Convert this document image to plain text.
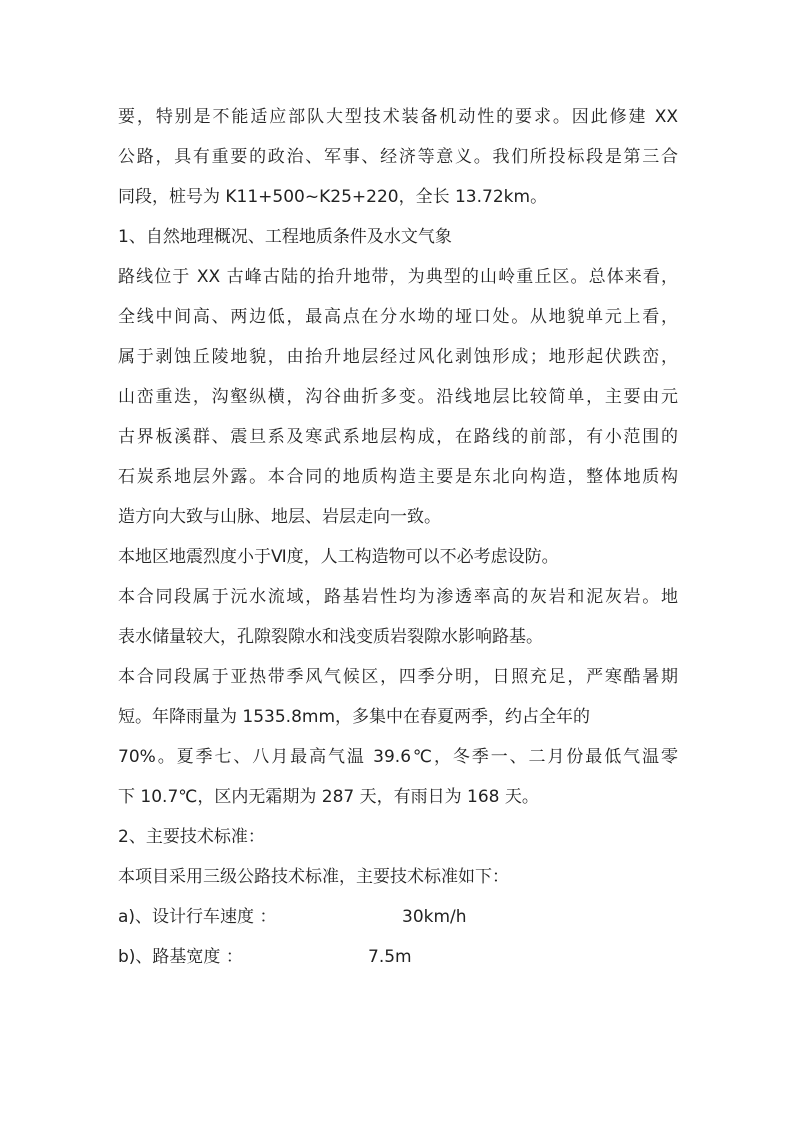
要，特别是不能适应部队大型技术装备机动性的要求。因此修建 XX
公路，具有重要的政治、军事、经济等意义。我们所投标段是第三合
同段，桩号为 K11+500~K25+220，全长 13.72km。
1、自然地理概况、工程地质条件及水文气象
路线位于 XX 古峰古陆的抬升地带，为典型的山岭重丘区。总体来看，
全线中间高、两边低，最高点在分水坳的垭口处。从地貌单元上看，
属于剥蚀丘陵地貌，由抬升地层经过风化剥蚀形成；地形起伏跌峦，
山峦重迭，沟壑纵横，沟谷曲折多变。沿线地层比较简单，主要由元
古界板溪群、震旦系及寒武系地层构成，在路线的前部，有小范围的
石炭系地层外露。本合同的地质构造主要是东北向构造，整体地质构
造方向大致与山脉、地层、岩层走向一致。
本地区地震烈度小于Ⅵ度，人工构造物可以不必考虑设防。
本合同段属于沅水流域，路基岩性均为渗透率高的灰岩和泥灰岩。地
表水储量较大，孔隙裂隙水和浅变质岩裂隙水影响路基。
本合同段属于亚热带季风气候区，四季分明，日照充足，严寒酷暑期
短。年降雨量为 1535.8mm，多集中在春夏两季，约占全年的
70%。夏季七、八月最高气温 39.6℃，冬季一、二月份最低气温零
下 10.7℃，区内无霜期为 287 天，有雨日为 168 天。
2、主要技术标准：
本项目采用三级公路技术标准，主要技术标准如下：
a)、设计行车速度 ：	30km/h
b)、路基宽度 ：	7.5m
